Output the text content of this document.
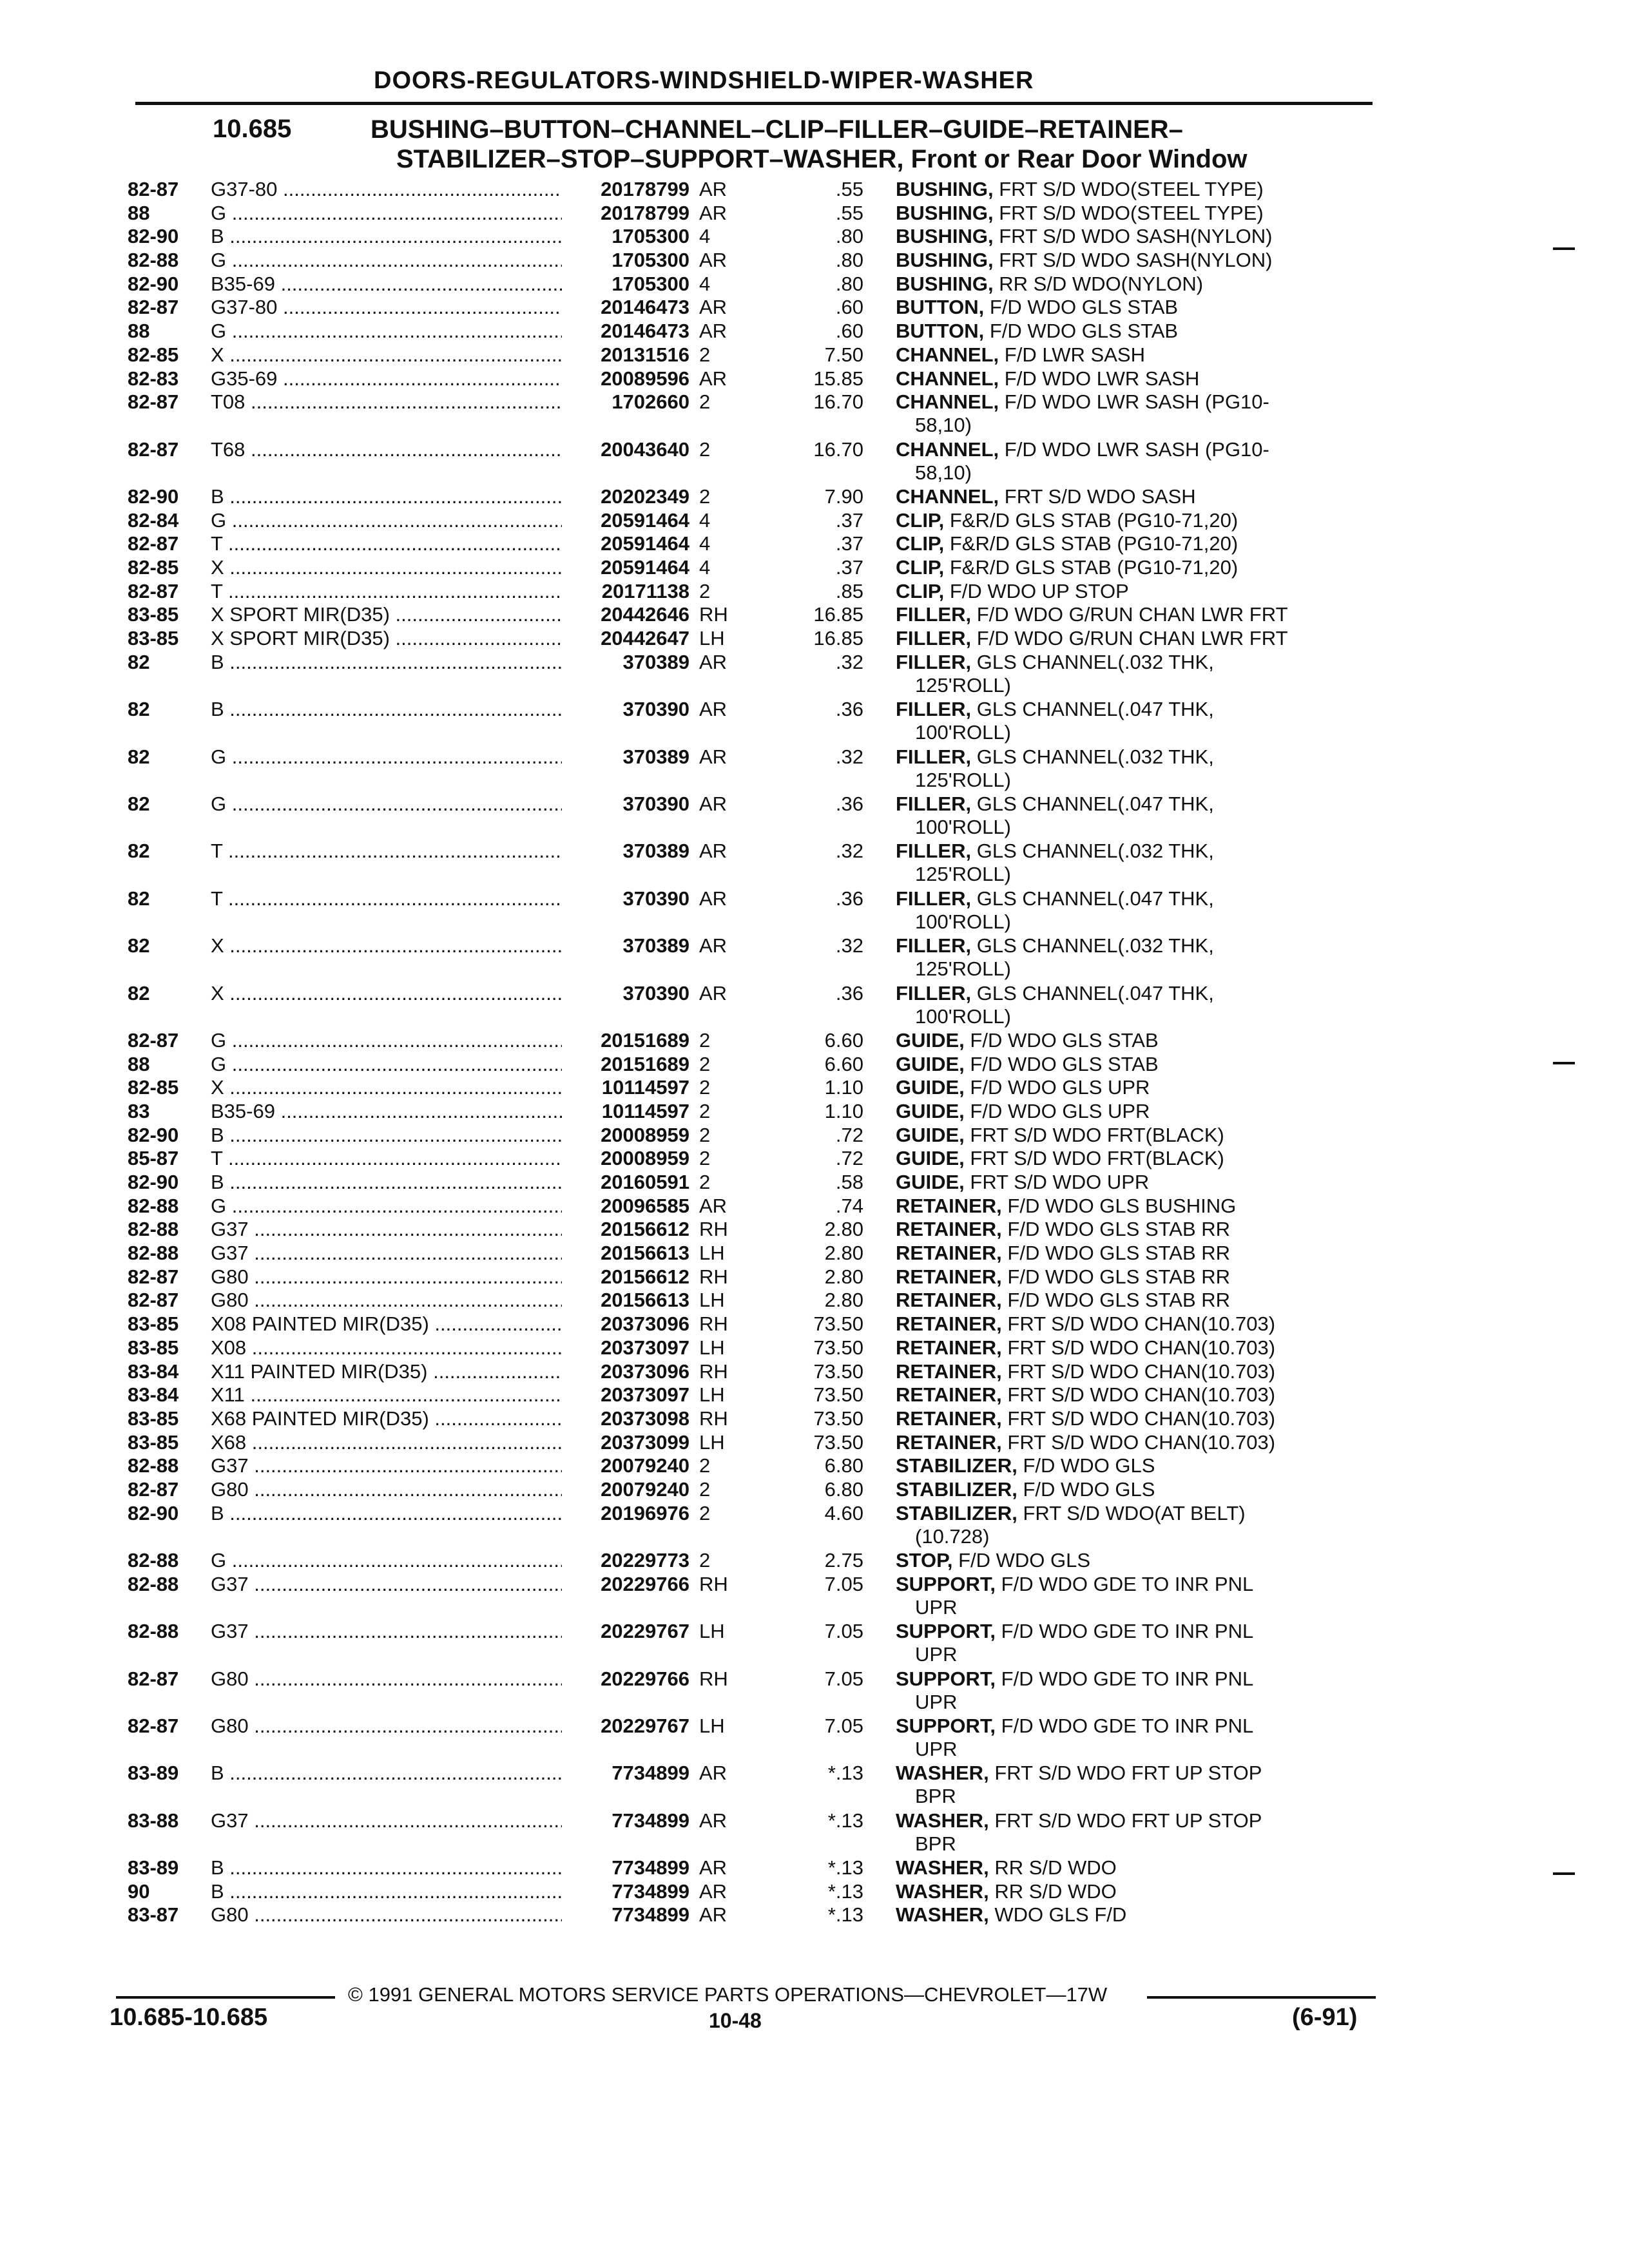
DOORS-REGULATORS-WINDSHIELD-WIPER-WASHER
10.685	BUSHING–BUTTON–CHANNEL–CLIP–FILLER–GUIDE–RETAINER–
STABILIZER–STOP–SUPPORT–WASHER, Front or Rear Door Window
82-87 G37-80 .....	20178799 AR	.55 BUSHING, FRT S/D WDO(STEEL TYPE)
88	G .....	20178799 AR	.55 BUSHING, FRT S/D WDO(STEEL TYPE)
82-90 B .....	1705300 4	.80 BUSHING, FRT S/D WDO SASH(NYLON)
82-88 G .....	1705300 AR	.80 BUSHING, FRT S/D WDO SASH(NYLON)
82-90 B35-69 .....	1705300 4	.80 BUSHING, RR S/D WDO(NYLON)
82-87 G37-80 .....	20146473 AR	.60 BUTTON, F/D WDO GLS STAB
88	G .....	20146473 AR	.60 BUTTON, F/D WDO GLS STAB
82-85 X .....	20131516 2	7.50 CHANNEL, F/D LWR SASH
82-83 G35-69 .....	20089596 AR	15.85 CHANNEL, F/D WDO LWR SASH
82-87 T08 .....	1702660 2	16.70 CHANNEL, F/D WDO LWR SASH (PG10-
58,10)
82-87 T68 .....	20043640 2	16.70 CHANNEL, F/D WDO LWR SASH (PG10-
58,10)
82-90 B .....	20202349 2	7.90 CHANNEL, FRT S/D WDO SASH
82-84 G .....	20591464 4	.37 CLIP, F&R/D GLS STAB (PG10-71,20)
82-87 T .....	20591464 4	.37 CLIP, F&R/D GLS STAB (PG10-71,20)
82-85 X .....	20591464 4	.37 CLIP, F&R/D GLS STAB (PG10-71,20)
82-87 T .....	20171138 2	.85 CLIP, F/D WDO UP STOP
83-85 X SPORT MIR(D35) .....	20442646 RH	16.85 FILLER, F/D WDO G/RUN CHAN LWR FRT
83-85 X SPORT MIR(D35) .....	20442647 LH	16.85 FILLER, F/D WDO G/RUN CHAN LWR FRT
82	B .....	370389 AR	.32 FILLER, GLS CHANNEL(.032 THK,
125'ROLL)
82	B .....	370390 AR	.36 FILLER, GLS CHANNEL(.047 THK,
100'ROLL)
82	G .....	370389 AR	.32 FILLER, GLS CHANNEL(.032 THK,
125'ROLL)
82	G .....	370390 AR	.36 FILLER, GLS CHANNEL(.047 THK,
100'ROLL)
82	T .....	370389 AR	.32 FILLER, GLS CHANNEL(.032 THK,
125'ROLL)
82	T .....	370390 AR	.36 FILLER, GLS CHANNEL(.047 THK,
100'ROLL)
82	X .....	370389 AR	.32 FILLER, GLS CHANNEL(.032 THK,
125'ROLL)
82	X .....	370390 AR	.36 FILLER, GLS CHANNEL(.047 THK,
100'ROLL)
82-87 G .....	20151689 2	6.60 GUIDE, F/D WDO GLS STAB
88	G .....	20151689 2	6.60 GUIDE, F/D WDO GLS STAB
82-85 X .....	10114597 2	1.10 GUIDE, F/D WDO GLS UPR
83	B35-69 .....	10114597 2	1.10 GUIDE, F/D WDO GLS UPR
82-90 B .....	20008959 2	.72 GUIDE, FRT S/D WDO FRT(BLACK)
85-87 T .....	20008959 2	.72 GUIDE, FRT S/D WDO FRT(BLACK)
82-90 B .....	20160591 2	.58 GUIDE, FRT S/D WDO UPR
82-88 G .....	20096585 AR	.74 RETAINER, F/D WDO GLS BUSHING
82-88 G37 .....	20156612 RH	2.80 RETAINER, F/D WDO GLS STAB RR
82-88 G37 .....	20156613 LH	2.80 RETAINER, F/D WDO GLS STAB RR
82-87 G80 .....	20156612 RH	2.80 RETAINER, F/D WDO GLS STAB RR
82-87 G80 .....	20156613 LH	2.80 RETAINER, F/D WDO GLS STAB RR
83-85 X08 PAINTED MIR(D35) .....	20373096 RH	73.50 RETAINER, FRT S/D WDO CHAN(10.703)
83-85 X08 .....	20373097 LH	73.50 RETAINER, FRT S/D WDO CHAN(10.703)
83-84 X11 PAINTED MIR(D35) .....	20373096 RH	73.50 RETAINER, FRT S/D WDO CHAN(10.703)
83-84 X11 .....	20373097 LH	73.50 RETAINER, FRT S/D WDO CHAN(10.703)
83-85 X68 PAINTED MIR(D35) .....	20373098 RH	73.50 RETAINER, FRT S/D WDO CHAN(10.703)
83-85 X68 .....	20373099 LH	73.50 RETAINER, FRT S/D WDO CHAN(10.703)
82-88 G37 .....	20079240 2	6.80 STABILIZER, F/D WDO GLS
82-87 G80 .....	20079240 2	6.80 STABILIZER, F/D WDO GLS
82-90 B .....	20196976 2	4.60 STABILIZER, FRT S/D WDO(AT BELT)
(10.728)
82-88 G .....	20229773 2	2.75 STOP, F/D WDO GLS
82-88 G37 .....	20229766 RH	7.05 SUPPORT, F/D WDO GDE TO INR PNL
UPR
82-88 G37 .....	20229767 LH	7.05 SUPPORT, F/D WDO GDE TO INR PNL
UPR
82-87 G80 .....	20229766 RH	7.05 SUPPORT, F/D WDO GDE TO INR PNL
UPR
82-87 G80 .....	20229767 LH	7.05 SUPPORT, F/D WDO GDE TO INR PNL
UPR
83-89 B .....	7734899 AR	*.13 WASHER, FRT S/D WDO FRT UP STOP
BPR
83-88 G37 .....	7734899 AR	*.13 WASHER, FRT S/D WDO FRT UP STOP
BPR
83-89 B .....	7734899 AR	*.13 WASHER, RR S/D WDO
90	B .....	7734899 AR	*.13 WASHER, RR S/D WDO
83-87 G80 .....	7734899 AR	*.13 WASHER, WDO GLS F/D
© 1991 GENERAL MOTORS SERVICE PARTS OPERATIONS—CHEVROLET—17W
10.685-10.685	10-48	(6-91)
